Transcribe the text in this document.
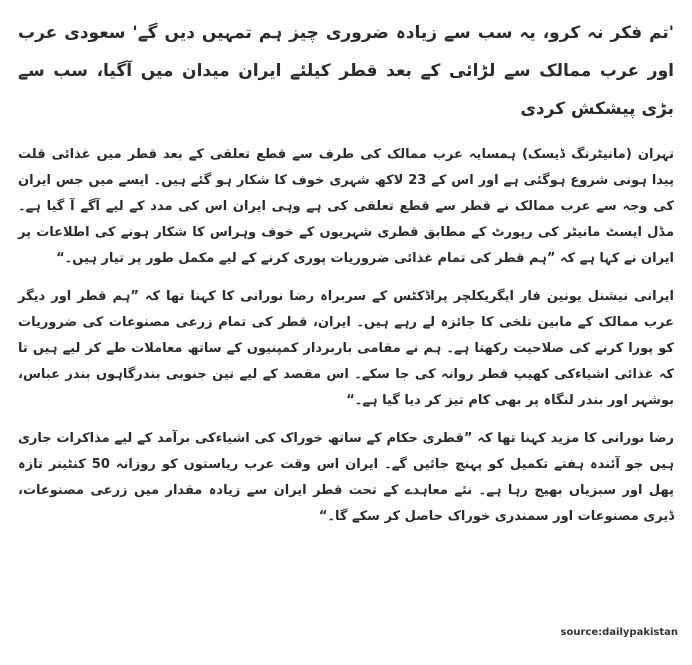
'تم فکر نہ کرو، یہ سب سے زیادہ ضروری چیز ہم تمہیں دیں گے' سعودی عرب اور عرب ممالک سے لڑائی کے بعد قطر کیلئے ایران میدان میں آگیا، سب سے بڑی پیشکش کردی

تہران (مانیٹرنگ ڈیسک) ہمسایہ عرب ممالک کی طرف سے قطع تعلقی کے بعد قطر میں غذائی قلت پیدا ہونی شروع ہوگئی ہے اور اس کے 23 لاکھ شہری خوف کا شکار ہو گئے ہیں۔ ایسے میں جس ایران کی وجہ سے عرب ممالک نے قطر سے قطع تعلقی کی ہے وہی ایران اس کی مدد کے لیے آگے آ گیا ہے۔ مڈل ایسٹ مانیٹر کی رپورٹ کے مطابق قطری شہریوں کے خوف وہراس کا شکار ہونے کی اطلاعات پر ایران نے کہا ہے کہ ”ہم قطر کی تمام غذائی ضروریات پوری کرنے کے لیے مکمل طور پر تیار ہیں۔“

ایرانی نیشنل یونین فار ایگریکلچر پراڈکٹس کے سربراہ رضا نورانی کا کہنا تھا کہ ”ہم قطر اور دیگر عرب ممالک کے مابین تلخی کا جائزہ لے رہے ہیں۔ ایران، قطر کی تمام زرعی مصنوعات کی ضروریات کو پورا کرنے کی صلاحیت رکھتا ہے۔ ہم نے مقامی باربردار کمپنیوں کے ساتھ معاملات طے کر لیے ہیں تا کہ غذائی اشیاءکی کھیپ قطر روانہ کی جا سکے۔ اس مقصد کے لیے تین جنوبی بندرگاہوں بندر عباس، بوشہر اور بندر لنگاہ پر بھی کام تیز کر دیا گیا ہے۔“

رضا نورانی کا مزید کہنا تھا کہ ”قطری حکام کے ساتھ خوراک کی اشیاءکی برآمد کے لیے مذاکرات جاری ہیں جو آئندہ ہفتے تکمیل کو پہنچ جائیں گے۔ ایران اس وقت عرب ریاستوں کو روزانہ 50 کنٹینر تازہ پھل اور سبزیاں بھیج رہا ہے۔ نئے معاہدے کے تحت قطر ایران سے زیادہ مقدار میں زرعی مصنوعات، ڈیری مصنوعات اور سمندری خوراک حاصل کر سکے گا۔“

source:dailypakistan
